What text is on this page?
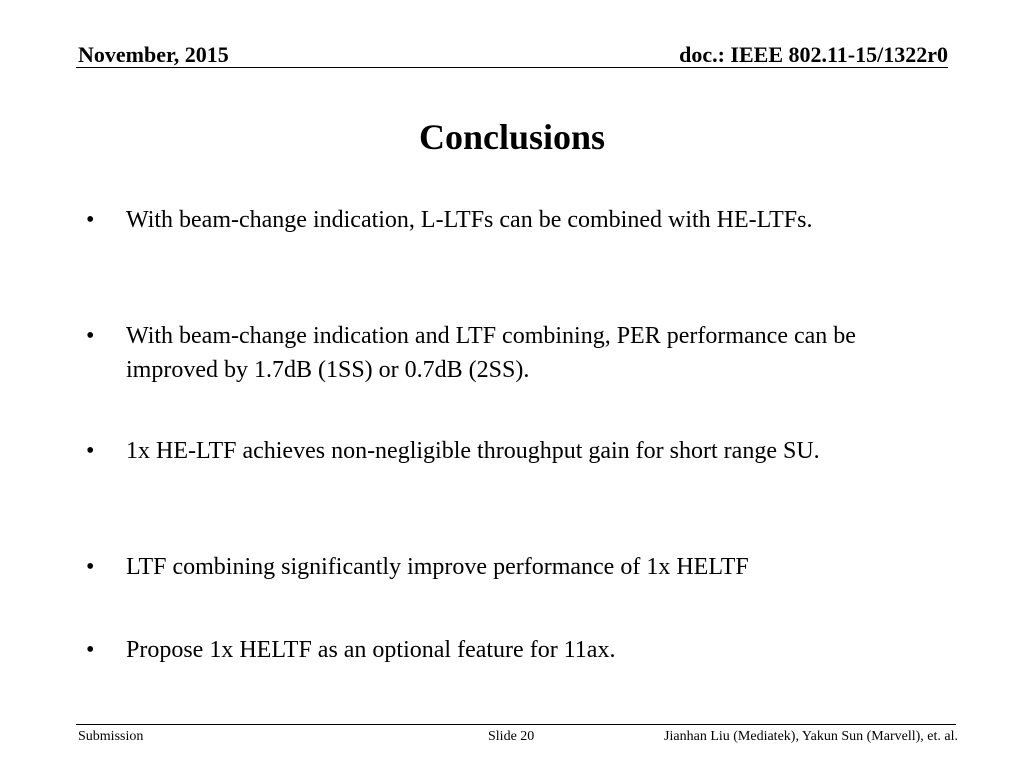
November, 2015	doc.: IEEE 802.11-15/1322r0
Conclusions
•	With beam-change indication, L-LTFs can be combined with HE-LTFs.
•	With beam-change indication and LTF combining, PER performance can be improved by 1.7dB (1SS) or 0.7dB (2SS).
•	1x HE-LTF achieves non-negligible throughput gain for short range SU.
•	LTF combining significantly improve performance of 1x HELTF
•	Propose 1x HELTF as an optional feature for 11ax.
Submission	Slide 20	Jianhan Liu (Mediatek), Yakun Sun (Marvell), et. al.
